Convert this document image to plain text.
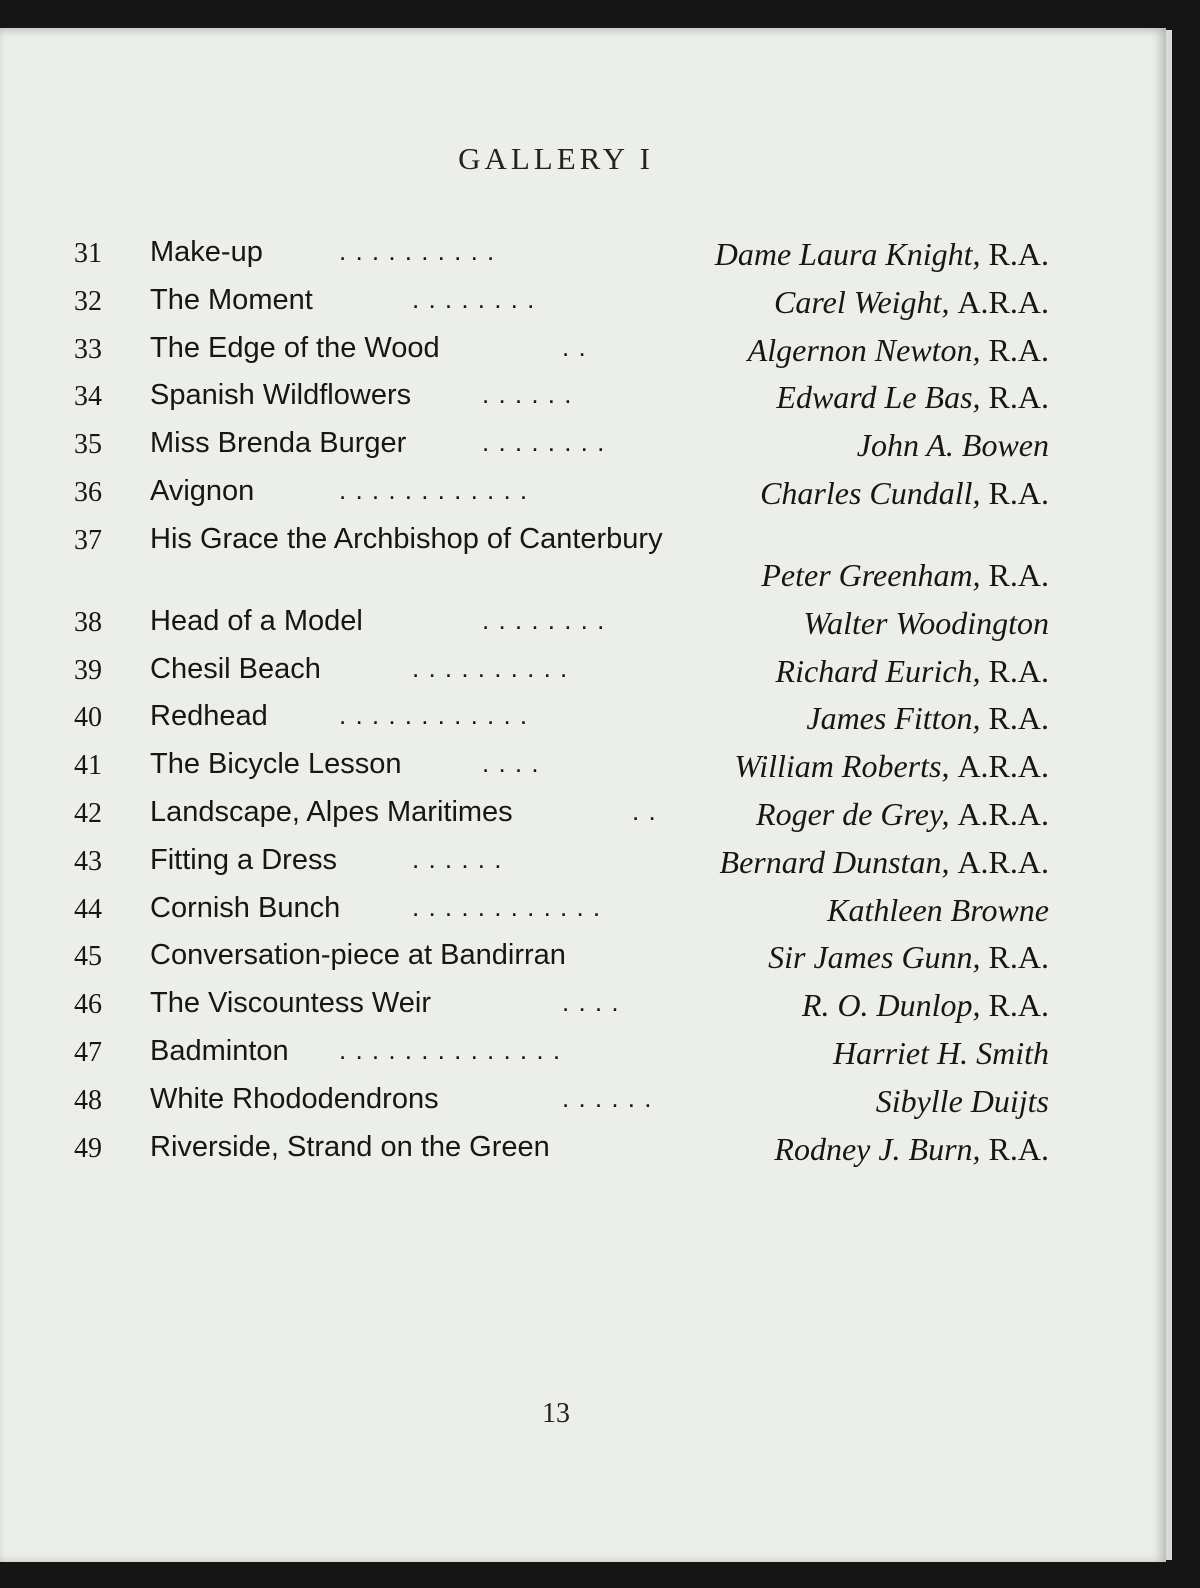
GALLERY I
31 Make-up	. . . . . . . . . .	Dame Laura Knight, R.A.
32 The Moment	. . . . . . . .	Carel Weight, A.R.A.
33 The Edge of the Wood	. .	Algernon Newton, R.A.
34 Spanish Wildflowers	. . . . . .	Edward Le Bas, R.A.
35 Miss Brenda Burger	. . . . . . . .	John A. Bowen
36 Avignon	. . . . . . . . . . . .	Charles Cundall, R.A.
37 His Grace the Archbishop of Canterbury
Peter Greenham, R.A.
38 Head of a Model	. . . . . . . .	Walter Woodington
39 Chesil Beach	. . . . . . . . . .	Richard Eurich, R.A.
40 Redhead	. . . . . . . . . . . .	James Fitton, R.A.
41 The Bicycle Lesson	. . . .	William Roberts, A.R.A.
42 Landscape, Alpes Maritimes	. .	Roger de Grey, A.R.A.
43 Fitting a Dress	. . . . . .	Bernard Dunstan, A.R.A.
44 Cornish Bunch	. . . . . . . . . . . .	Kathleen Browne
45 Conversation-piece at Bandirran	Sir James Gunn, R.A.
46 The Viscountess Weir	. . . .	R. O. Dunlop, R.A.
47 Badminton . . . . . . . . . . . . . .	Harriet H. Smith
48 White Rhododendrons	. . . . . .	Sibylle Duijts
49 Riverside, Strand on the Green	Rodney J. Burn, R.A.
13
